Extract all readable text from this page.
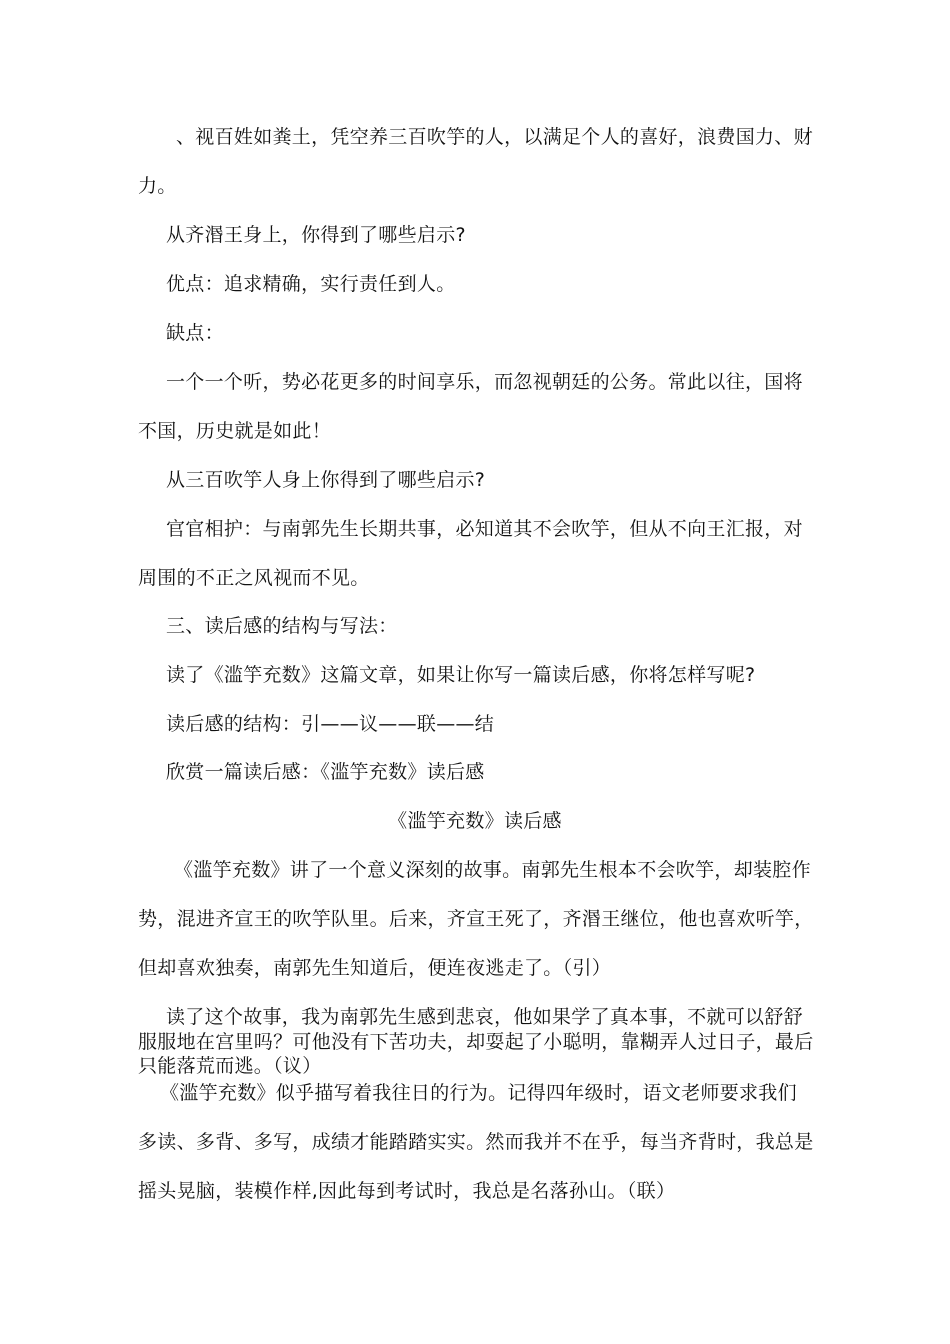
、视百姓如粪土，凭空养三百吹竽的人，以满足个人的喜好，浪费国力、财
力。
从齐湣王身上，你得到了哪些启示?
优点：追求精确，实行责任到人。
缺点：
一个一个听，势必花更多的时间享乐，而忽视朝廷的公务。常此以往，国将
不国，历史就是如此！
从三百吹竽人身上你得到了哪些启示?
官官相护：与南郭先生长期共事，必知道其不会吹竽，但从不向王汇报，对
周围的不正之风视而不见。
三、读后感的结构与写法：
读了《滥竽充数》这篇文章，如果让你写一篇读后感，你将怎样写呢?
读后感的结构：引——议——联——结
欣赏一篇读后感：《滥竽充数》读后感
《滥竽充数》读后感
《滥竽充数》讲了一个意义深刻的故事。南郭先生根本不会吹竽，却装腔作
势，混进齐宣王的吹竽队里。后来，齐宣王死了，齐湣王继位，他也喜欢听竽，
但却喜欢独奏，南郭先生知道后，便连夜逃走了。（引）
读了这个故事，我为南郭先生感到悲哀，他如果学了真本事，不就可以舒舒
服服地在宫里吗？可他没有下苦功夫，却耍起了小聪明，靠糊弄人过日子，最后
只能落荒而逃。（议）
《滥竽充数》似乎描写着我往日的行为。记得四年级时，语文老师要求我们
多读、多背、多写，成绩才能踏踏实实。然而我并不在乎，每当齐背时，我总是
摇头晃脑，装模作样,因此每到考试时，我总是名落孙山。（联）
